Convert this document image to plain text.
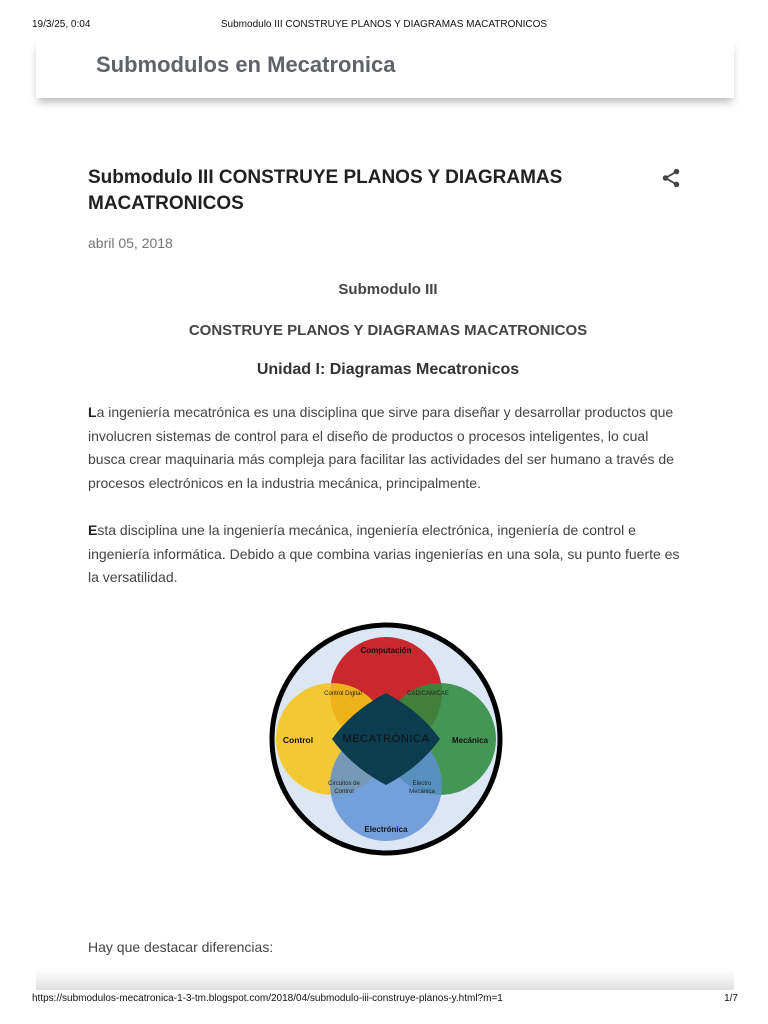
19/3/25, 0:04	Submodulo III CONSTRUYE PLANOS Y DIAGRAMAS MACATRONICOS
Submodulos en Mecatronica
Submodulo III CONSTRUYE PLANOS Y DIAGRAMAS MACATRONICOS
abril 05, 2018

Submodulo III

CONSTRUYE PLANOS Y DIAGRAMAS MACATRONICOS

Unidad I: Diagramas Mecatronicos

La ingeniería mecatrónica es una disciplina que sirve para diseñar y desarrollar productos que involucren sistemas de control para el diseño de productos o procesos inteligentes, lo cual busca crear maquinaria más compleja para facilitar las actividades del ser humano a través de procesos electrónicos en la industria mecánica, principalmente.

Esta disciplina une la ingeniería mecánica, ingeniería electrónica, ingeniería de control e ingeniería informática. Debido a que combina varias ingenierías en una sola, su punto fuerte es la versatilidad.

Computación
Control	Mecánica
Electrónica
MECATRÓNICA
Control Digital	CAD/CAM/CAE
Circuitos de
Control
Electro
Mecánica
Hay que destacar diferencias:
https://submodulos-mecatronica-1-3-tm.blogspot.com/2018/04/submodulo-iii-construye-planos-y.html?m=1	1/7
